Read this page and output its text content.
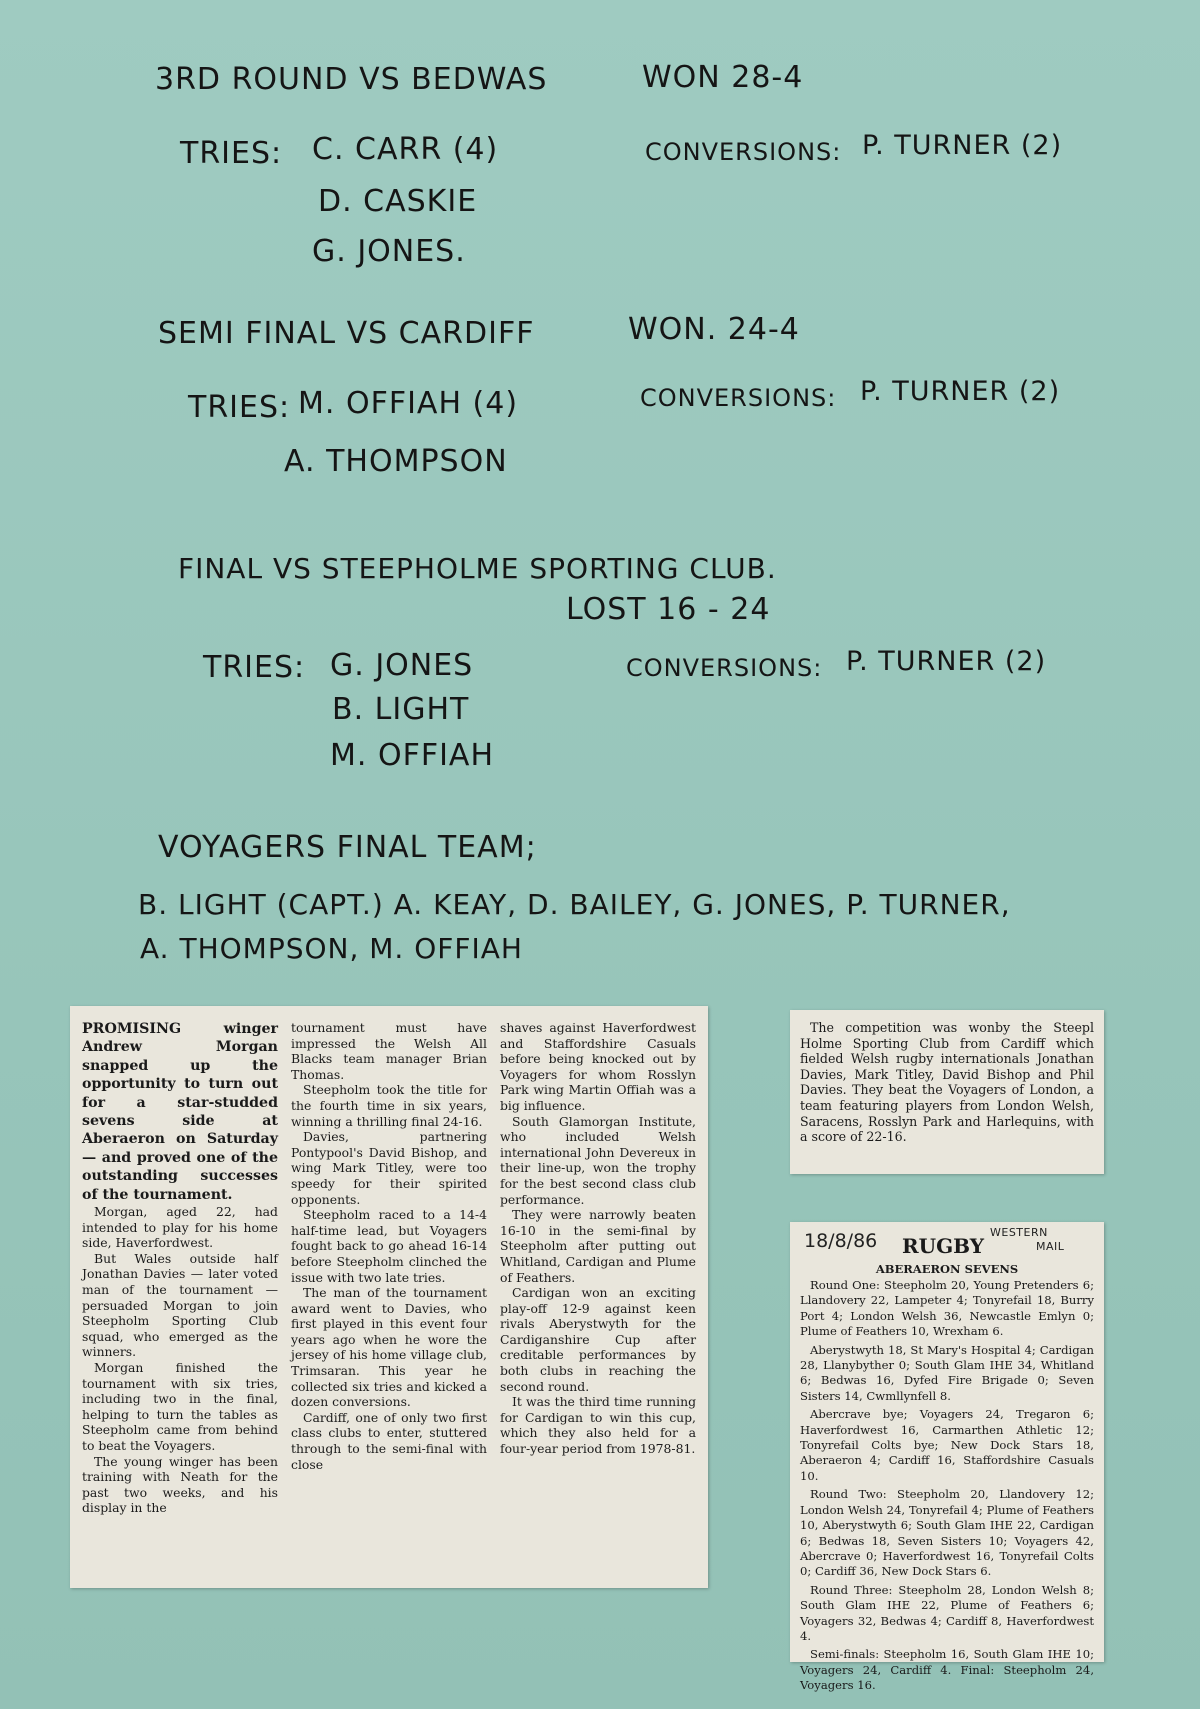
3RD ROUND VS BEDWAS	WON 28-4
TRIES: C. CARR (4)
D. CASKIE
G. JONES.
CONVERSIONS: P. TURNER (2)
SEMI FINAL VS CARDIFF	WON. 24-4
TRIES: M. OFFIAH (4)
A. THOMPSON
CONVERSIONS: P. TURNER (2)
FINAL VS STEEPHOLME SPORTING CLUB.
LOST 16 - 24
TRIES: G. JONES
B. LIGHT
M. OFFIAH
CONVERSIONS: P. TURNER (2)
VOYAGERS FINAL TEAM;
B. LIGHT (CAPT.) A. KEAY, D. BAILEY, G. JONES, P. TURNER,
A. THOMPSON, M. OFFIAH

PROMISING winger Andrew Morgan snapped up the opportunity to turn out for a star-studded sevens side at Aberaeron on Saturday — and proved one of the outstanding successes of the tournament.

Morgan, aged 22, had intended to play for his home side, Haverfordwest.

But Wales outside half Jonathan Davies — later voted man of the tournament — persuaded Morgan to join Steepholm Sporting Club squad, who emerged as the winners.

Morgan finished the tournament with six tries, including two in the final, helping to turn the tables as Steepholm came from behind to beat the Voyagers.

The young winger has been training with Neath for the past two weeks, and his display in the

tournament must have impressed the Welsh All Blacks team manager Brian Thomas.

Steepholm took the title for the fourth time in six years, winning a thrilling final 24-16.

Davies, partnering Pontypool's David Bishop, and wing Mark Titley, were too speedy for their spirited opponents.

Steepholm raced to a 14-4 half-time lead, but Voyagers fought back to go ahead 16-14 before Steepholm clinched the issue with two late tries.

The man of the tournament award went to Davies, who first played in this event four years ago when he wore the jersey of his home village club, Trimsaran. This year he collected six tries and kicked a dozen conversions.

Cardiff, one of only two first class clubs to enter, stuttered through to the semi-final with close

shaves against Haverfordwest and Staffordshire Casuals before being knocked out by Voyagers for whom Rosslyn Park wing Martin Offiah was a big influence.

South Glamorgan Institute, who included Welsh international John Devereux in their line-up, won the trophy for the best second class club performance.

They were narrowly beaten 16-10 in the semi-final by Steepholm after putting out Whitland, Cardigan and Plume of Feathers.

Cardigan won an exciting play-off 12-9 against keen rivals Aberystwyth for the Cardiganshire Cup after creditable performances by both clubs in reaching the second round.

It was the third time running for Cardigan to win this cup, which they also held for a four-year period from 1978-81.

The competition was wonby the Steepl Holme Sporting Club from Cardiff which fielded Welsh rugby internationals Jonathan Davies, Mark Titley, David Bishop and Phil Davies. They beat the Voyagers of London, a team featuring players from London Welsh, Saracens, Rosslyn Park and Harlequins, with a score of 22-16.

18/8/86 RUGBY
WESTERN
MAIL
ABERAERON SEVENS

Round One: Steepholm 20, Young Pretenders 6; Llandovery 22, Lampeter 4; Tonyrefail 18, Burry Port 4; London Welsh 36, Newcastle Emlyn 0; Plume of Feathers 10, Wrexham 6.

Aberystwyth 18, St Mary's Hospital 4; Cardigan 28, Llanybyther 0; South Glam IHE 34, Whitland 6; Bedwas 16, Dyfed Fire Brigade 0; Seven Sisters 14, Cwmllynfell 8.

Abercrave bye; Voyagers 24, Tregaron 6; Haverfordwest 16, Carmarthen Athletic 12; Tonyrefail Colts bye; New Dock Stars 18, Aberaeron 4; Cardiff 16, Staffordshire Casuals 10.

Round Two: Steepholm 20, Llandovery 12; London Welsh 24, Tonyrefail 4; Plume of Feathers 10, Aberystwyth 6; South Glam IHE 22, Cardigan 6; Bedwas 18, Seven Sisters 10; Voyagers 42, Abercrave 0; Haverfordwest 16, Tonyrefail Colts 0; Cardiff 36, New Dock Stars 6.

Round Three: Steepholm 28, London Welsh 8; South Glam IHE 22, Plume of Feathers 6; Voyagers 32, Bedwas 4; Cardiff 8, Haverfordwest 4.

Semi-finals: Steepholm 16, South Glam IHE 10; Voyagers 24, Cardiff 4. Final: Steepholm 24, Voyagers 16.
